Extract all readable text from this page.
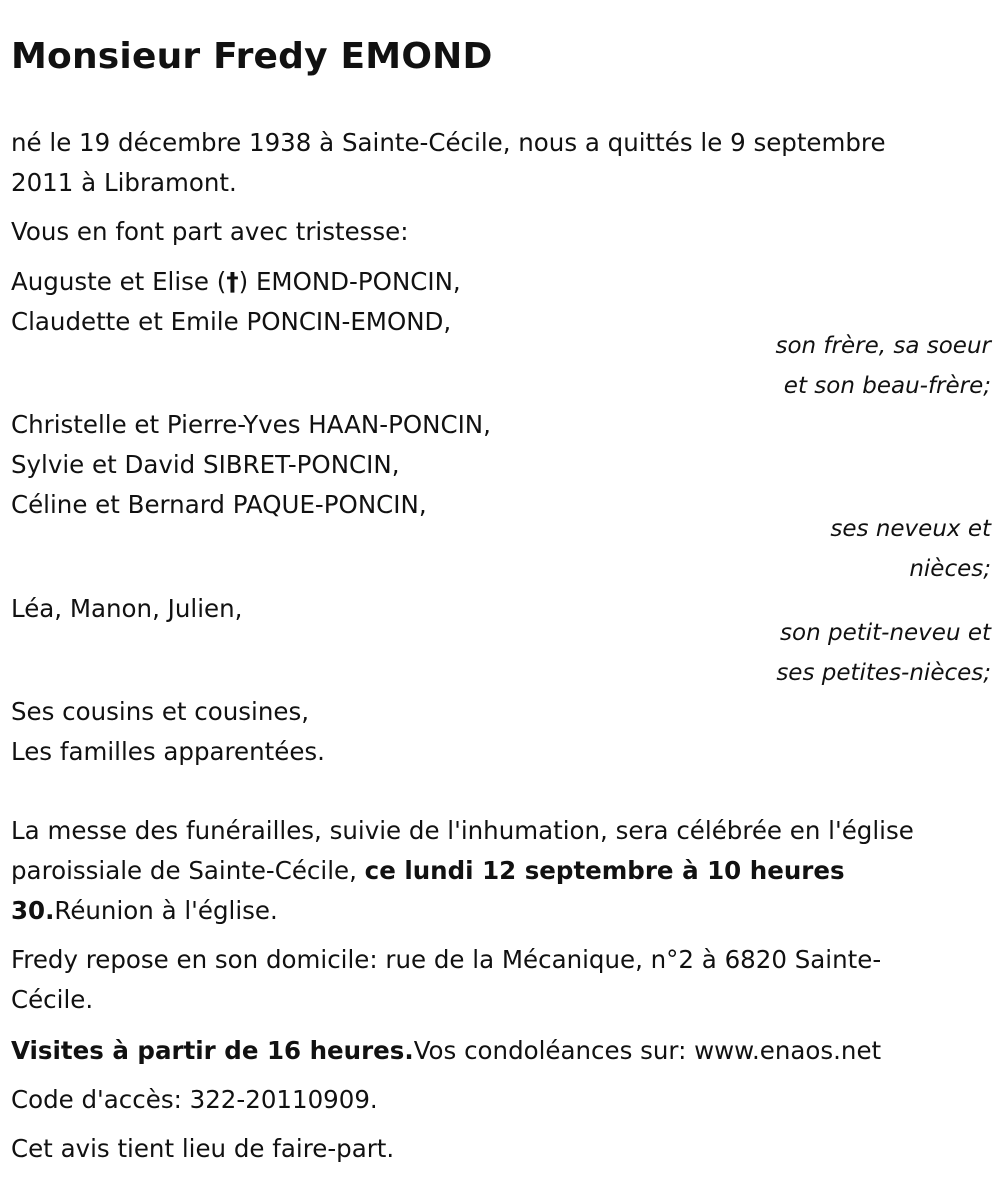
Monsieur Fredy EMOND
né le 19 décembre 1938 à Sainte-Cécile, nous a quittés le 9 septembre
2011 à Libramont.
Vous en font part avec tristesse:
Auguste et Elise (†) EMOND-PONCIN,
Claudette et Emile PONCIN-EMOND,
son frère, sa soeur
et son beau-frère;
Christelle et Pierre-Yves HAAN-PONCIN,
Sylvie et David SIBRET-PONCIN,
Céline et Bernard PAQUE-PONCIN,
ses neveux et
nièces;
Léa, Manon, Julien,
son petit-neveu et
ses petites-nièces;
Ses cousins et cousines,
Les familles apparentées.
La messe des funérailles, suivie de l'inhumation, sera célébrée en l'église
paroissiale de Sainte-Cécile, ce lundi 12 septembre à 10 heures
30.Réunion à l'église.
Fredy repose en son domicile: rue de la Mécanique, n°2 à 6820 Sainte-
Cécile.
Visites à partir de 16 heures.Vos condoléances sur: www.enaos.net
Code d'accès: 322-20110909.
Cet avis tient lieu de faire-part.
